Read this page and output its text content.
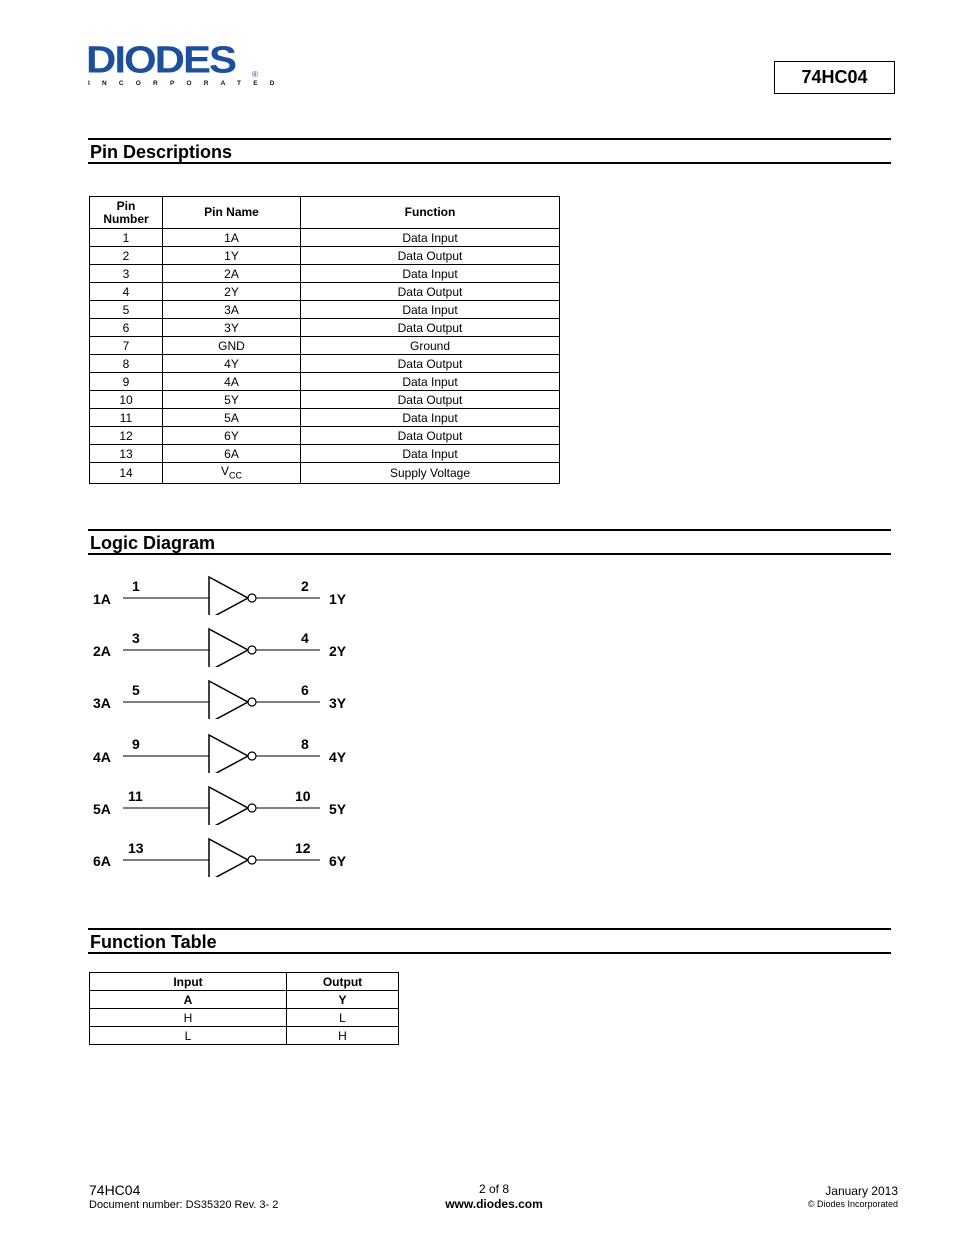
DIODES ®
INCORPORATED	74HC04
Pin Descriptions
Pin
Number	Pin Name	Function
1	1A	Data Input
2	1Y	Data Output
3	2A	Data Input
4	2Y	Data Output
5	3A	Data Input
6	3Y	Data Output
7	GND	Ground
8	4Y	Data Output
9	4A	Data Input
10	5Y	Data Output
11	5A	Data Input
12	6Y	Data Output
13	6A	Data Input
14	$V_{CC}$	Supply Voltage
Logic Diagram
1A
1	2
1Y
2A
3	4
2Y
3A
5	6
3Y
4A
9	8
4Y
5A
11	10
5Y
6A
13	12
6Y
Function Table
Input	Output
A	Y
H	L
L	H
74HC04
Document number: DS35320 Rev. 3- 2
2 of 8
www.diodes.com
January 2013
© Diodes Incorporated
